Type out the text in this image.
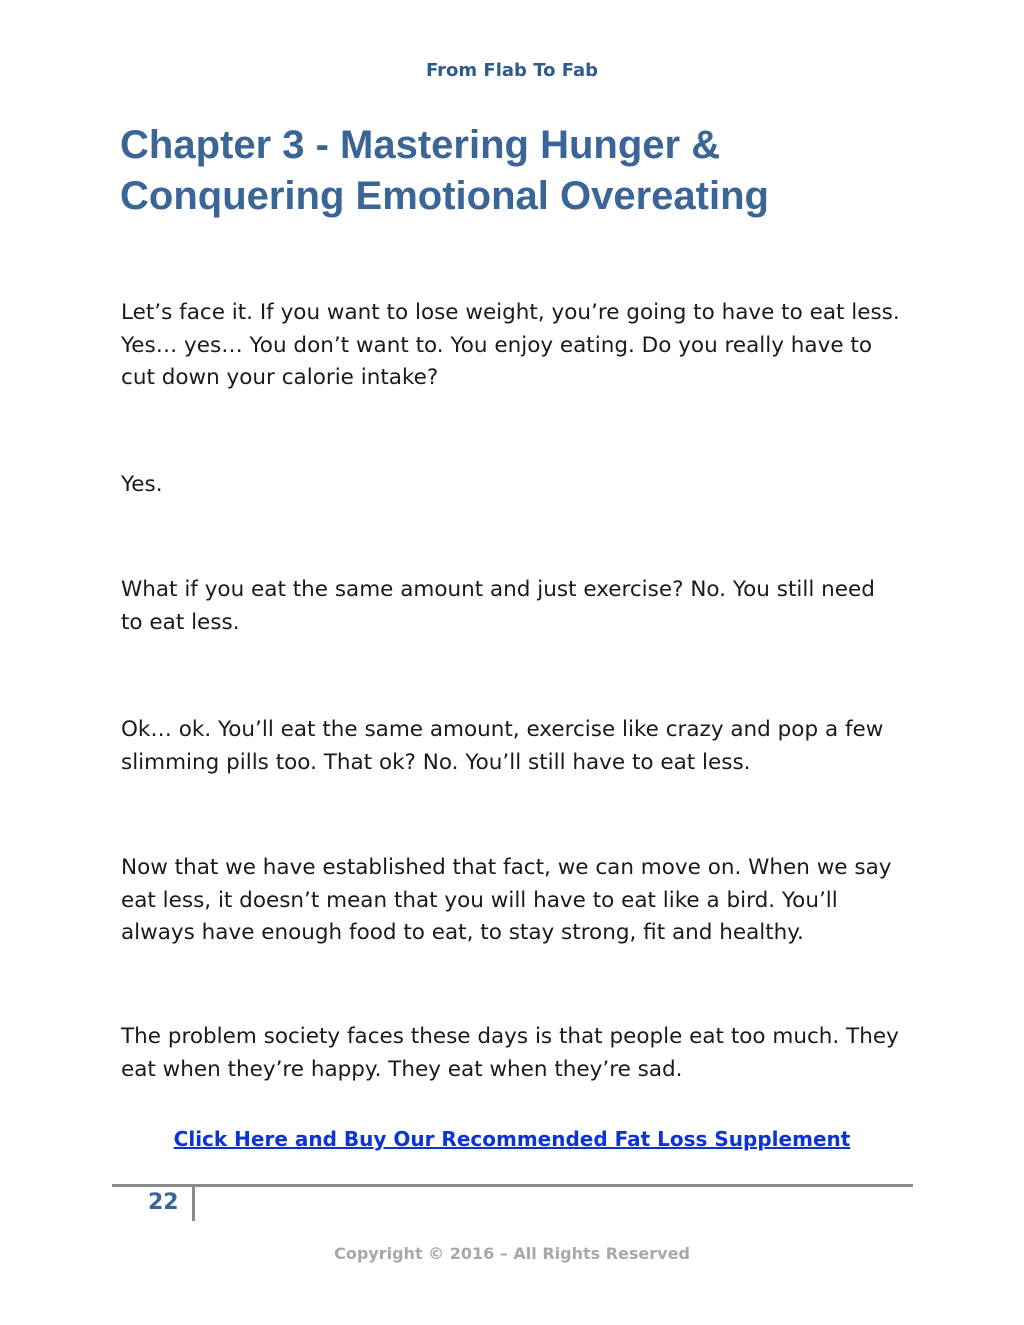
From Flab To Fab
Chapter 3 - Mastering Hunger & Conquering Emotional Overeating

Let’s face it. If you want to lose weight, you’re going to have to eat less. Yes… yes… You don’t want to. You enjoy eating. Do you really have to cut down your calorie intake?

Yes.

What if you eat the same amount and just exercise? No. You still need to eat less.

Ok… ok. You’ll eat the same amount, exercise like crazy and pop a few slimming pills too. That ok? No. You’ll still have to eat less.

Now that we have established that fact, we can move on. When we say eat less, it doesn’t mean that you will have to eat like a bird. You’ll always have enough food to eat, to stay strong, fit and healthy.

The problem society faces these days is that people eat too much. They eat when they’re happy. They eat when they’re sad.

Click Here and Buy Our Recommended Fat Loss Supplement
22
Copyright © 2016 – All Rights Reserved
